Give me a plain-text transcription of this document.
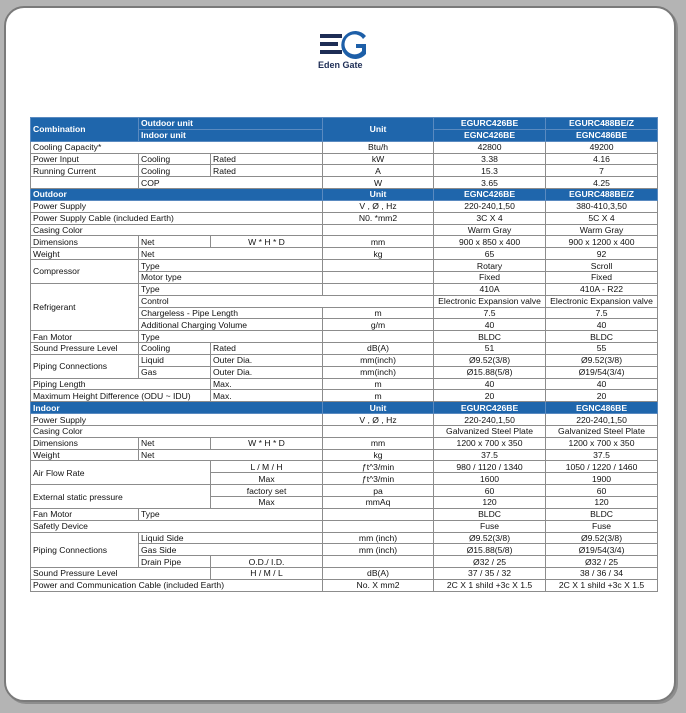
Eden Gate
Combination	Outdoor unit		Unit	EGURC426BE	EGURC488BE/Z	
	Indoor unit			EGNC426BE	EGNC486BE	
Cooling Capacity*			Btu/h	42800	49200	
Power Input	Cooling	Rated	kW	3.38	4.16	
Running Current	Cooling	Rated	A	15.3	7	
	COP		W	3.65	4.25	
Outdoor			Unit	EGNC426BE	EGURC488BE/Z	
Power Supply			V , Ø , Hz	220-240,1,50	380-410,3,50	
Power Supply Cable (included Earth)			N0. *mm2	3C X 4	5C X 4	
Casing Color				Warm Gray	Warm Gray	
Dimensions	Net	W * H * D	mm	900 x 850 x 400	900 x 1200 x 400	
Weight	Net		kg	65	92	
Compressor	Type			Rotary	Scroll	
	Motor type			Fixed	Fixed	
Refrigerant	Type			410A	410A - R22	
	Control			Electronic Expansion valve	Electronic Expansion valve	
	Chargeless - Pipe Length		m	7.5	7.5	
	Additional Charging Volume		g/m	40	40	
Fan Motor	Type			BLDC	BLDC	
Sound Pressure Level	Cooling	Rated	dB(A)	51	55	
Piping Connections	Liquid	Outer Dia.	mm(inch)	Ø9.52(3/8)	Ø9.52(3/8)	
	Gas	Outer Dia.	mm(inch)	Ø15.88(5/8)	Ø19/54(3/4)	
Piping Length		Max.	m	40	40	
Maximum Height Difference (ODU ~ IDU)		Max.	m	20	20	
Indoor			Unit	EGURC426BE	EGNC486BE	
Power Supply			V , Ø , Hz	220-240,1,50	220-240,1,50	
Casing Color				Galvanized Steel Plate	Galvanized Steel Plate	
Dimensions	Net	W * H * D	mm	1200 x 700 x 350	1200 x 700 x 350	
Weight	Net		kg	37.5	37.5	
Air Flow Rate		L / M / H	ƒt^3/min	980 / 1120 / 1340	1050 / 1220 / 1460	
		Max	ƒt^3/min	1600	1900	
External static pressure		factory set	pa	60	60	
		Max	mmAq	120	120	
Fan Motor	Type			BLDC	BLDC	
Safetly Device				Fuse	Fuse	
Piping Connections	Liquid Side		mm (inch)	Ø9.52(3/8)	Ø9.52(3/8)	
	Gas Side		mm (inch)	Ø15.88(5/8)	Ø19/54(3/4)	
	Drain Pipe	O.D./ I.D.		Ø32 / 25	Ø32 / 25	
Sound Pressure Level		H / M / L	dB(A)	37 / 35 / 32	38 / 36 / 34	
Power and Communication Cable (included Earth)			No. X mm2	2C X 1 shild +3c X 1.5	2C X 1 shild +3c X 1.5	
